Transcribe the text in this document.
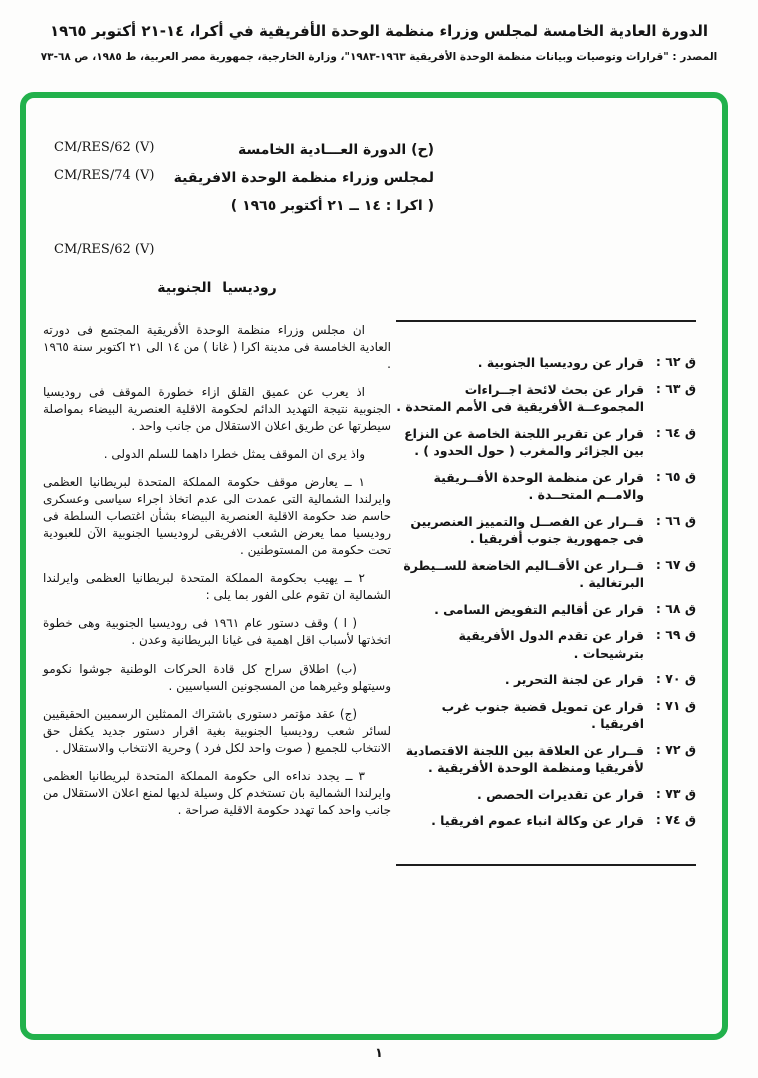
الدورة العادية الخامسة لمجلس وزراء منظمة الوحدة الأفريقية في أكرا، ١٤-٢١ أكتوبر ١٩٦٥
المصدر : "قرارات وتوصيات وبيانات منظمة الوحدة الأفريقية ١٩٦٣-١٩٨٣"، وزارة الخارجية، جمهورية مصر العربية، ط ١٩٨٥، ص ٦٨-٧٣
CM/RES/62 (V)
CM/RES/74 (V)
(ح) الدورة العـــادية الخامسة
لمجلس وزراء منظمة الوحدة الافريقية
( اكرا : ١٤ ــ ٢١ أكتوبر ١٩٦٥ )
CM/RES/62 (V)
روديسيا الجنوبية

ان مجلس وزراء منظمة الوحدة الأفريقية المجتمع فى دورته العادية الخامسة فى مدينة اكرا ( غانا ) من ١٤ الى ٢١ اكتوبر سنة ١٩٦٥ .

اذ يعرب عن عميق القلق ازاء خطورة الموقف فى روديسيا الجنوبية نتيجة التهديد الدائم لحكومة الاقلية العنصرية البيضاء بمواصلة سيطرتها عن طريق اعلان الاستقلال من جانب واحد .

واذ يرى ان الموقف يمثل خطرا داهما للسلم الدولى .

١ ــ يعارض موقف حكومة المملكة المتحدة لبريطانيا العظمى وايرلندا الشمالية التى عمدت الى عدم اتخاذ اجراء سياسى وعسكرى حاسم ضد حكومة الاقلية العنصرية البيضاء بشأن اغتصاب السلطة فى روديسيا مما يعرض الشعب الافريقى لروديسيا الجنوبية الآن للعبودية تحت حكومة من المستوطنين .

٢ ــ يهيب بحكومة المملكة المتحدة لبريطانيا العظمى وايرلندا الشمالية ان تقوم على الفور بما يلى :

( ا ) وقف دستور عام ١٩٦١ فى روديسيا الجنوبية وهى خطوة اتخذتها لأسباب اقل اهمية فى غيانا البريطانية وعدن .

(ب) اطلاق سراح كل قادة الحركات الوطنية جوشوا نكومو وسيتهلو وغيرهما من المسجونين السياسيين .

(ج) عقد مؤتمر دستورى باشتراك الممثلين الرسميين الحقيقيين لسائر شعب روديسيا الجنوبية بغية اقرار دستور جديد يكفل حق الانتخاب للجميع ( صوت واحد لكل فرد ) وحرية الانتخاب والاستقلال .

٣ ــ يجدد نداءه الى حكومة المملكة المتحدة لبريطانيا العظمى وايرلندا الشمالية بان تستخدم كل وسيلة لديها لمنع اعلان الاستقلال من جانب واحد كما تهدد حكومة الاقلية صراحة .

ق ٦٢ :
قرار عن روديسيا الجنوبية .
ق ٦٣ :
قرار عن بحث لائحة اجــراءات المجموعــة الأفريقية فى الأمم المتحدة .
ق ٦٤ :
قرار عن تقرير اللجنة الخاصة عن النزاع بين الجزائر والمغرب ( حول الحدود ) .
ق ٦٥ :
قرار عن منظمة الوحدة الأفــريقية والامــم المتحــدة .
ق ٦٦ :
قــرار عن الفصــل والتمييز العنصريين فى جمهورية جنوب أفريقيا .
ق ٦٧ :
قــرار عن الأقــاليم الخاضعة للســيطرة البرتغالية .
ق ٦٨ :
قرار عن أقاليم التفويض السامى .
ق ٦٩ :
قرار عن تقدم الدول الأفريقية بترشيحات .
ق ٧٠ :
قرار عن لجنة التحرير .
ق ٧١ :
قرار عن تمويل قضية جنوب غرب افريقيا .
ق ٧٢ :
قــرار عن العلاقة بين اللجنة الاقتصادية لأفريقيا ومنظمة الوحدة الأفريقية .
ق ٧٣ :
قرار عن تقديرات الحصص .
ق ٧٤ :
قرار عن وكالة انباء عموم افريقيا .
١
